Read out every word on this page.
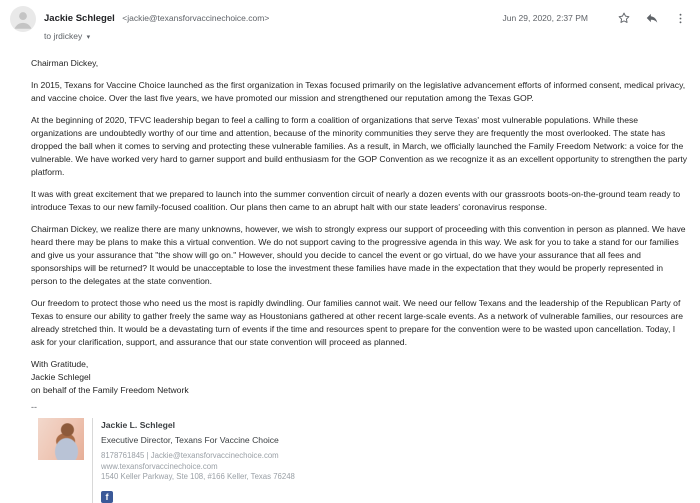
Jackie Schlegel <jackie@texansforvaccinechoice.com>
to jrdickey ▾
Jun 29, 2020, 2:37 PM

Chairman Dickey,

In 2015, Texans for Vaccine Choice launched as the first organization in Texas focused primarily on the legislative advancement efforts of informed consent, medical privacy, and vaccine choice. Over the last five years, we have promoted our mission and strengthened our reputation among the Texas GOP.

At the beginning of 2020, TFVC leadership began to feel a calling to form a coalition of organizations that serve Texas' most vulnerable populations. While these organizations are undoubtedly worthy of our time and attention, because of the minority communities they serve they are frequently the most overlooked. The state has dropped the ball when it comes to serving and protecting these vulnerable families. As a result, in March, we officially launched the Family Freedom Network: a voice for the vulnerable. We have worked very hard to garner support and build enthusiasm for the GOP Convention as we recognize it as an excellent opportunity to strengthen the party platform.

It was with great excitement that we prepared to launch into the summer convention circuit of nearly a dozen events with our grassroots boots-on-the-ground team ready to introduce Texas to our new family-focused coalition. Our plans then came to an abrupt halt with our state leaders' coronavirus response.

Chairman Dickey, we realize there are many unknowns, however, we wish to strongly express our support of proceeding with this convention in person as planned. We have heard there may be plans to make this a virtual convention. We do not support caving to the progressive agenda in this way. We ask for you to take a stand for our families and give us your assurance that "the show will go on." However, should you decide to cancel the event or go virtual, do we have your assurance that all fees and sponsorships will be returned? It would be unacceptable to lose the investment these families have made in the expectation that they would be properly represented in person to the delegates at the state convention.

Our freedom to protect those who need us the most is rapidly dwindling. Our families cannot wait. We need our fellow Texans and the leadership of the Republican Party of Texas to ensure our ability to gather freely the same way as Houstonians gathered at other recent large-scale events. As a network of vulnerable families, our resources are already stretched thin. It would be a devastating turn of events if the time and resources spent to prepare for the convention were to be wasted upon cancellation. Today, I ask for your clarification, support, and assurance that our state convention will proceed as planned.

With Gratitude,
Jackie Schlegel
on behalf of the Family Freedom Network

--
Jackie L. Schlegel
Executive Director, Texans For Vaccine Choice
8178761845 | Jackie@texansforvaccinechoice.com
www.texansforvaccinechoice.com
1540 Keller Parkway, Ste 108, #166 Keller, Texas 76248
f
